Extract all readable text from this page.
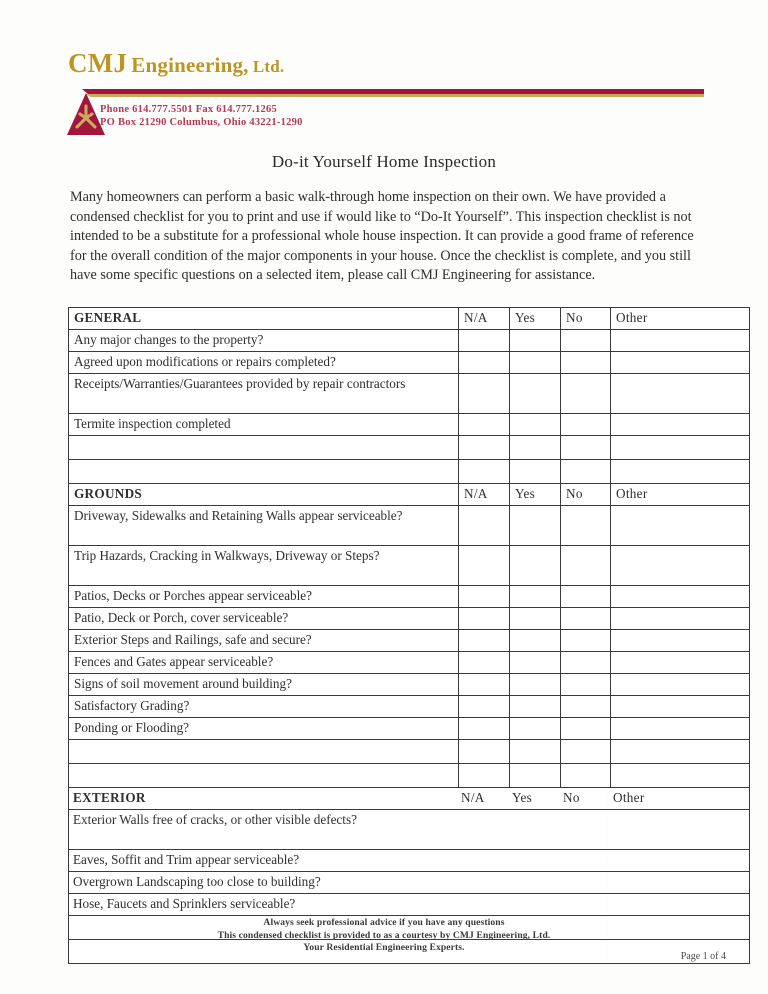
CMJ Engineering, Ltd.
Phone 614.777.5501 Fax 614.777.1265
PO Box 21290 Columbus, Ohio 43221-1290
Do-it Yourself Home Inspection
Many homeowners can perform a basic walk-through home inspection on their own. We have provided a condensed checklist for you to print and use if would like to “Do-It Yourself”. This inspection checklist is not intended to be a substitute for a professional whole house inspection. It can provide a good frame of reference for the overall condition of the major components in your house. Once the checklist is complete, and you still have some specific questions on a selected item, please call CMJ Engineering for assistance.
GENERAL	N/A	Yes	No	Other
Any major changes to the property?				
Agreed upon modifications or repairs completed?				
Receipts/Warranties/Guarantees provided by repair contractors				
Termite inspection completed				

GROUNDS	N/A	Yes	No	Other
Driveway, Sidewalks and Retaining Walls appear serviceable?				
Trip Hazards, Cracking in Walkways, Driveway or Steps?				
Patios, Decks or Porches appear serviceable?				
Patio, Deck or Porch, cover serviceable?				
Exterior Steps and Railings, safe and secure?				
Fences and Gates appear serviceable?				
Signs of soil movement around building?				
Satisfactory Grading?				
Ponding or Flooding?				

EXTERIOR	N/A	Yes	No	Other
Exterior Walls free of cracks, or other visible defects?				
Eaves, Soffit and Trim appear serviceable?				
Overgrown Landscaping too close to building?				
Hose, Faucets and Sprinklers serviceable?				

Always seek professional advice if you have any questions
This condensed checklist is provided to as a courtesy by CMJ Engineering, Ltd.
Your Residential Engineering Experts.
Page 1 of 4
